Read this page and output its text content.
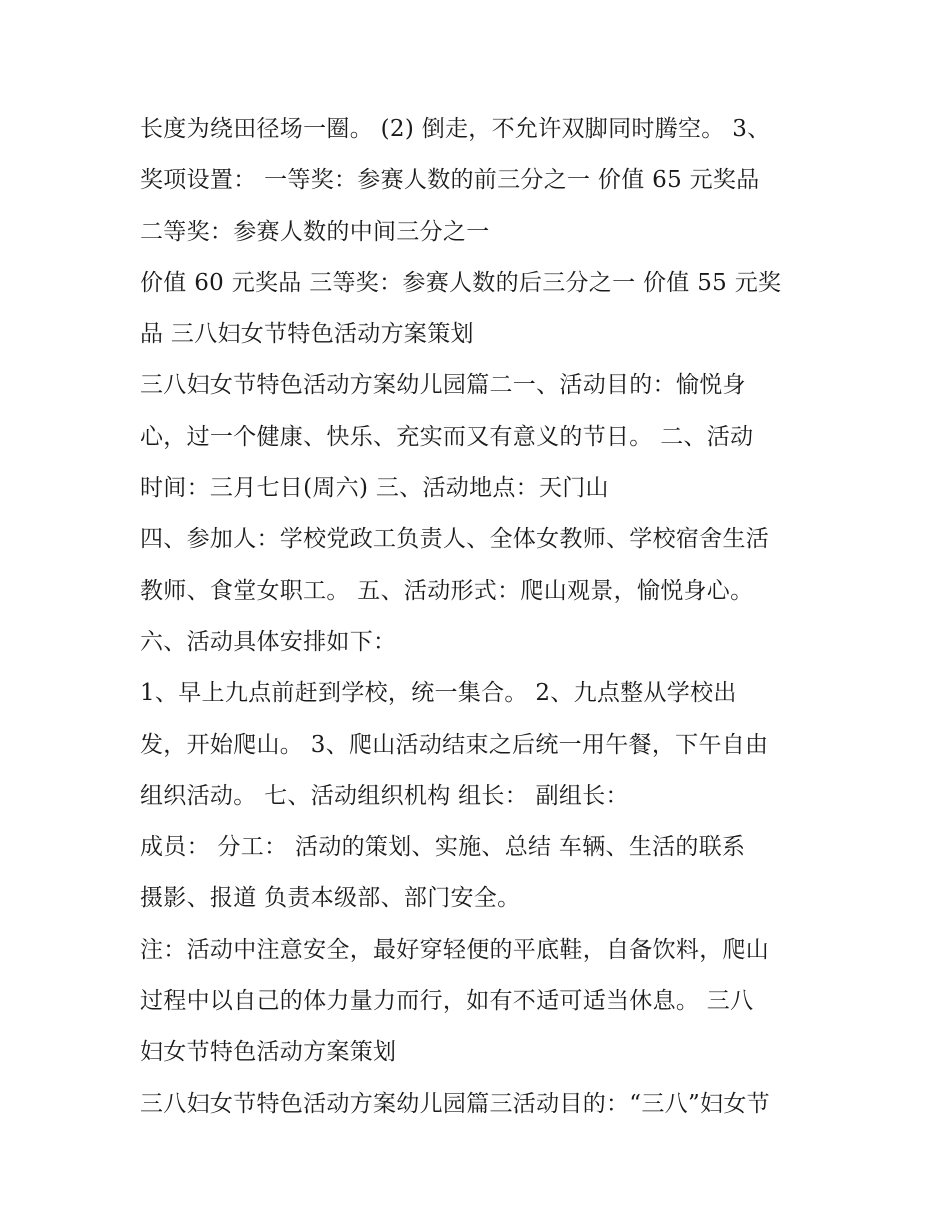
长度为绕田径场一圈。 (2) 倒走，不允许双脚同时腾空。 3、
奖项设置： 一等奖：参赛人数的前三分之一 价值 65 元奖品
二等奖：参赛人数的中间三分之一
价值 60 元奖品 三等奖：参赛人数的后三分之一 价值 55 元奖
品 三八妇女节特色活动方案策划
三八妇女节特色活动方案幼儿园篇二一、活动目的：愉悦身
心，过一个健康、快乐、充实而又有意义的节日。 二、活动
时间：三月七日(周六) 三、活动地点：天门山
四、参加人：学校党政工负责人、全体女教师、学校宿舍生活
教师、食堂女职工。 五、活动形式：爬山观景，愉悦身心。
六、活动具体安排如下：
1、早上九点前赶到学校，统一集合。 2、九点整从学校出
发，开始爬山。 3、爬山活动结束之后统一用午餐，下午自由
组织活动。 七、活动组织机构 组长： 副组长：
成员： 分工： 活动的策划、实施、总结 车辆、生活的联系
摄影、报道 负责本级部、部门安全。
注：活动中注意安全，最好穿轻便的平底鞋，自备饮料，爬山
过程中以自己的体力量力而行，如有不适可适当休息。 三八
妇女节特色活动方案策划
三八妇女节特色活动方案幼儿园篇三活动目的：“三八”妇女节
